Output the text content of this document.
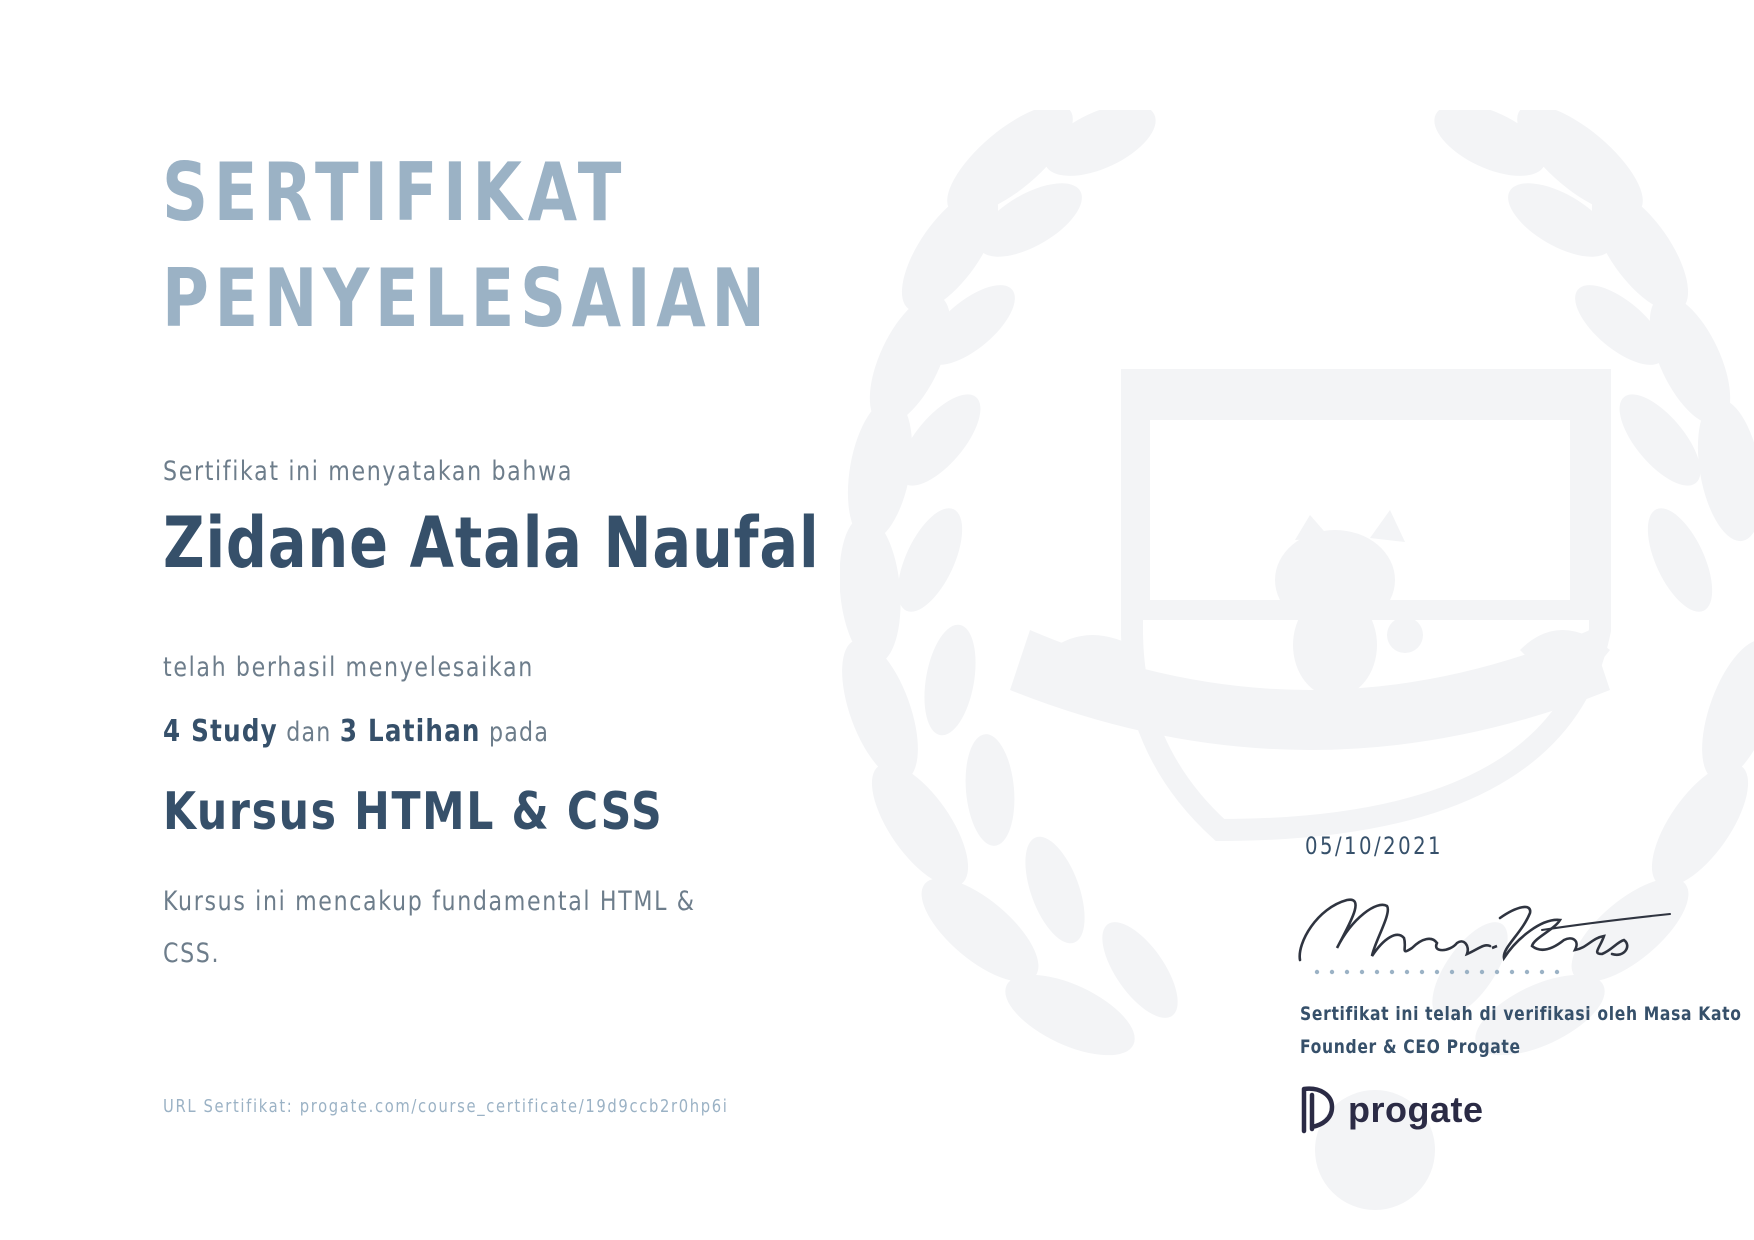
SERTIFIKAT
PENYELESAIAN
Sertifikat ini menyatakan bahwa
Zidane Atala Naufal
telah berhasil menyelesaikan
4 Study dan 3 Latihan pada
Kursus HTML & CSS
Kursus ini mencakup fundamental HTML & CSS.
URL Sertifikat: progate.com/course_certificate/19d9ccb2r0hp6i
05/10/2021
Sertifikat ini telah di verifikasi oleh Masa Kato
Founder & CEO Progate
progate
